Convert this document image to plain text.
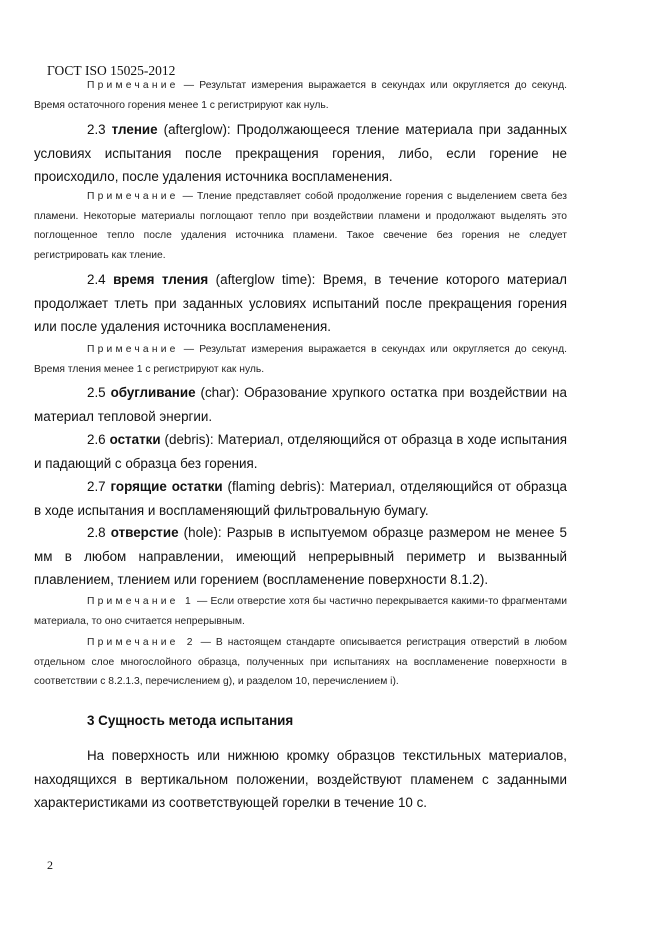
ГОСТ ISO 15025-2012

Примечание — Результат измерения выражается в секундах или округляется до секунд. Время остаточного горения менее 1 с регистрируют как нуль.

2.3 тление (afterglow): Продолжающееся тление материала при заданных условиях испытания после прекращения горения, либо, если горение не происходило, после удаления источника воспламенения.

Примечание — Тление представляет собой продолжение горения с выделением света без пламени. Некоторые материалы поглощают тепло при воздействии пламени и продолжают выделять это поглощенное тепло после удаления источника пламени. Такое свечение без горения не следует регистрировать как тление.

2.4 время тления (afterglow time): Время, в течение которого материал продолжает тлеть при заданных условиях испытаний после прекращения горения или после удаления источника воспламенения.

Примечание — Результат измерения выражается в секундах или округляется до секунд. Время тления менее 1 с регистрируют как нуль.

2.5 обугливание (char): Образование хрупкого остатка при воздействии на материал тепловой энергии.

2.6 остатки (debris): Материал, отделяющийся от образца в ходе испытания и падающий с образца без горения.

2.7 горящие остатки (flaming debris): Материал, отделяющийся от образца в ходе испытания и воспламеняющий фильтровальную бумагу.

2.8 отверстие (hole): Разрыв в испытуемом образце размером не менее 5 мм в любом направлении, имеющий непрерывный периметр и вызванный плавлением, тлением или горением (воспламенение поверхности 8.1.2).

Примечание 1 — Если отверстие хотя бы частично перекрывается какими-то фрагментами материала, то оно считается непрерывным.

Примечание 2 — В настоящем стандарте описывается регистрация отверстий в любом отдельном слое многослойного образца, полученных при испытаниях на воспламенение поверхности в соответствии с 8.2.1.3, перечислением g), и разделом 10, перечислением i).

3 Сущность метода испытания

На поверхность или нижнюю кромку образцов текстильных материалов, находящихся в вертикальном положении, воздействуют пламенем с заданными характеристиками из соответствующей горелки в течение 10 с.

2
